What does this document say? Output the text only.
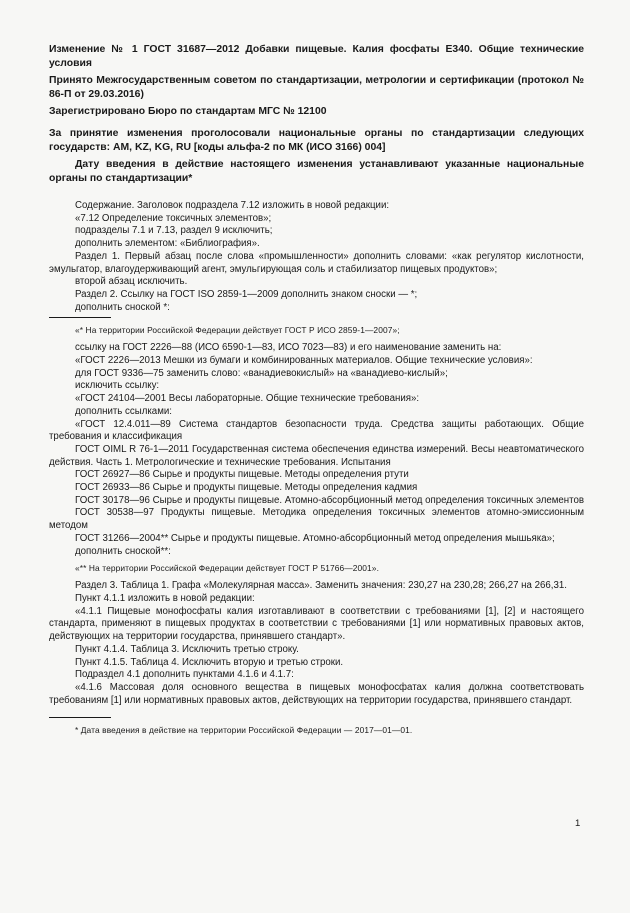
Изменение № 1 ГОСТ 31687—2012 Добавки пищевые. Калия фосфаты Е340. Общие технические условия

Принято Межгосударственным советом по стандартизации, метрологии и сертификации (протокол № 86-П от 29.03.2016)

Зарегистрировано Бюро по стандартам МГС № 12100

За принятие изменения проголосовали национальные органы по стандартизации следующих государств: AM, KZ, KG, RU [коды альфа-2 по МК (ИСО 3166) 004]

Дату введения в действие настоящего изменения устанавливают указанные национальные органы по стандартизации*

Содержание. Заголовок подраздела 7.12 изложить в новой редакции:

«7.12 Определение токсичных элементов»;

подразделы 7.1 и 7.13, раздел 9 исключить;

дополнить элементом: «Библиография».

Раздел 1. Первый абзац после слова «промышленности» дополнить словами: «как регулятор кислотности, эмульгатор, влагоудерживающий агент, эмульгирующая соль и стабилизатор пищевых продуктов»;

второй абзац исключить.

Раздел 2. Ссылку на ГОСТ ISO 2859-1—2009 дополнить знаком сноски — *;

дополнить сноской *:

«* На территории Российской Федерации действует ГОСТ Р ИСО 2859-1—2007»;

ссылку на ГОСТ 2226—88 (ИСО 6590-1—83, ИСО 7023—83) и его наименование заменить на:

«ГОСТ 2226—2013 Мешки из бумаги и комбинированных материалов. Общие технические условия»:

для ГОСТ 9336—75 заменить слово: «ванадиевокислый» на «ванадиево-кислый»;

исключить ссылку:

«ГОСТ 24104—2001 Весы лабораторные. Общие технические требования»:

дополнить ссылками:

«ГОСТ 12.4.011—89 Система стандартов безопасности труда. Средства защиты работающих. Общие требования и классификация

ГОСТ OIML R 76-1—2011 Государственная система обеспечения единства измерений. Весы неавтоматического действия. Часть 1. Метрологические и технические требования. Испытания

ГОСТ 26927—86 Сырье и продукты пищевые. Методы определения ртути

ГОСТ 26933—86 Сырье и продукты пищевые. Методы определения кадмия

ГОСТ 30178—96 Сырье и продукты пищевые. Атомно-абсорбционный метод определения токсичных элементов

ГОСТ 30538—97 Продукты пищевые. Методика определения токсичных элементов атомно-эмиссионным методом

ГОСТ 31266—2004** Сырье и продукты пищевые. Атомно-абсорбционный метод определения мышьяка»;

дополнить сноской**:

«** На территории Российской Федерации действует ГОСТ Р 51766—2001».

Раздел 3. Таблица 1. Графа «Молекулярная масса». Заменить значения: 230,27 на 230,28; 266,27 на 266,31.

Пункт 4.1.1 изложить в новой редакции:

«4.1.1 Пищевые монофосфаты калия изготавливают в соответствии с требованиями [1], [2] и настоящего стандарта, применяют в пищевых продуктах в соответствии с требованиями [1] или нормативных правовых актов, действующих на территории государства, принявшего стандарт».

Пункт 4.1.4. Таблица 3. Исключить третью строку.

Пункт 4.1.5. Таблица 4. Исключить вторую и третью строки.

Подраздел 4.1 дополнить пунктами 4.1.6 и 4.1.7:

«4.1.6 Массовая доля основного вещества в пищевых монофосфатах калия должна соответствовать требованиям [1] или нормативных правовых актов, действующих на территории государства, принявшего стандарт.

* Дата введения в действие на территории Российской Федерации — 2017—01—01.

1
